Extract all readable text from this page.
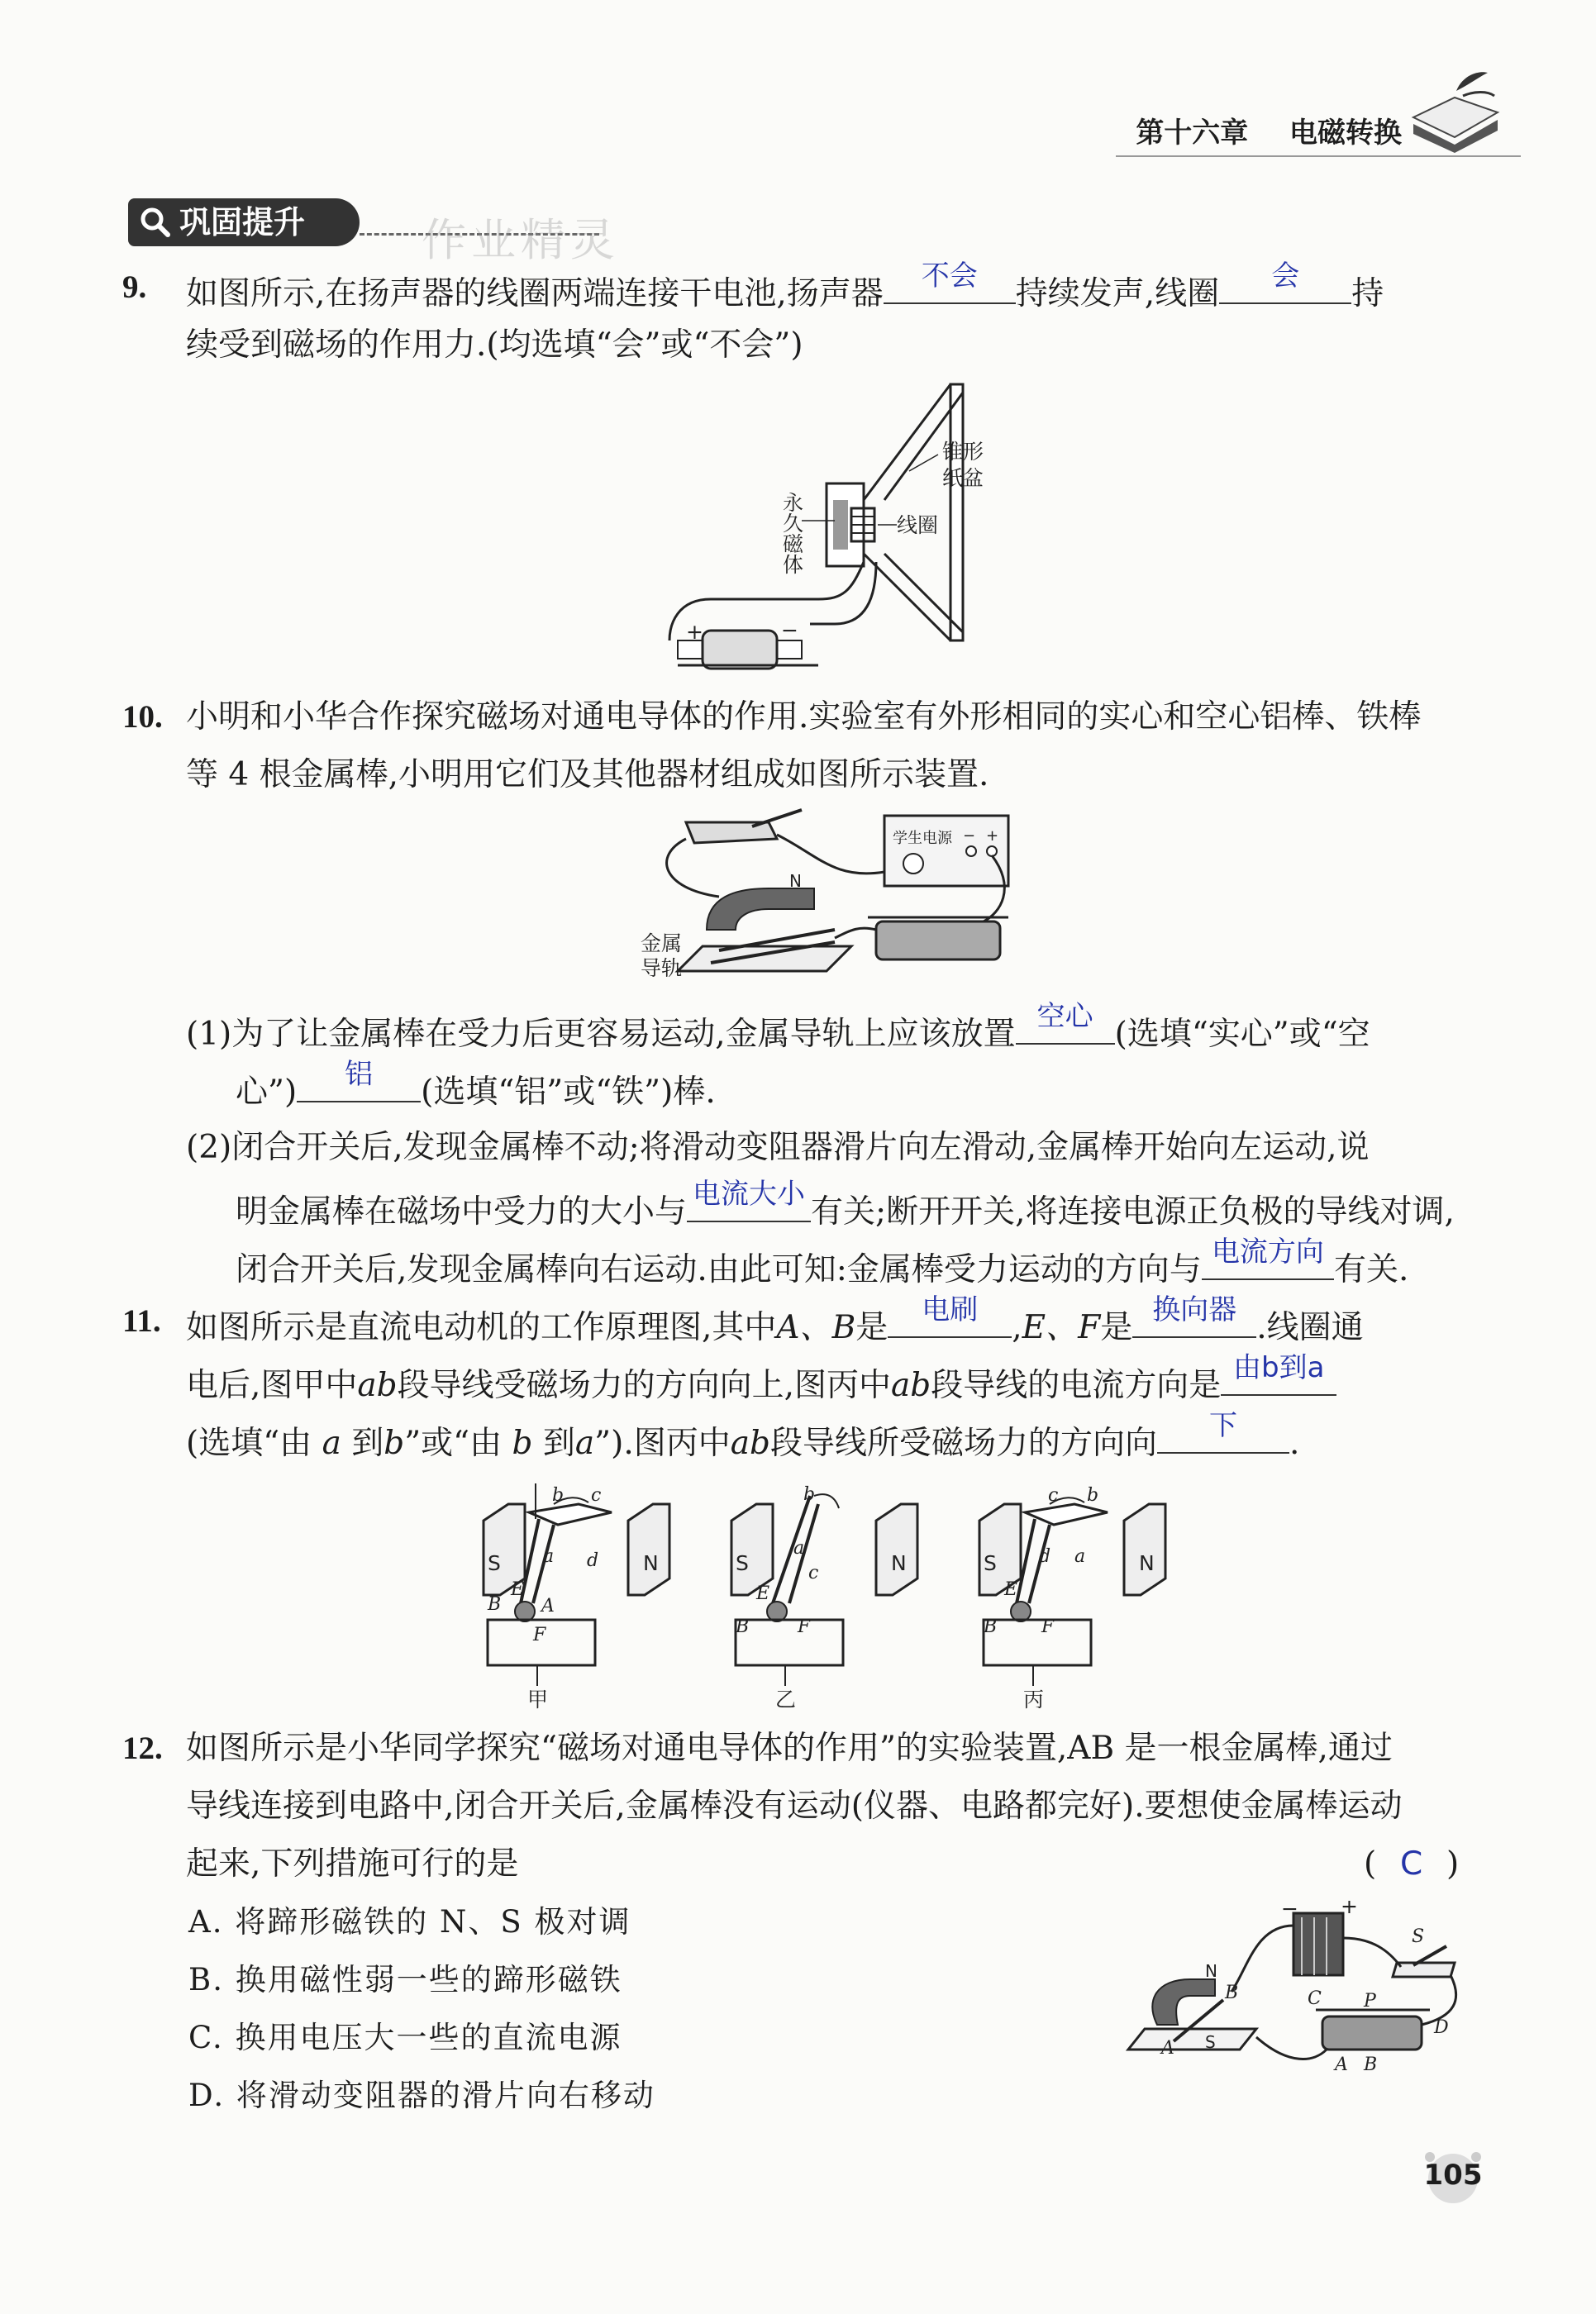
第十六章 电磁转换
巩固提升	作业精灵
9. 如图所示,在扬声器的线圈两端连接干电池,扬声器	不会	持续发声,线圈	会	持
续受到磁场的作用力.(均选填“会”或“不会”)
+	−
锥形
纸盆
线圈
永久磁体
10. 小明和小华合作探究磁场对通电导体的作用.实验室有外形相同的实心和空心铝棒、铁棒
等 4 根金属棒,小明用它们及其他器材组成如图所示装置.
学生电源 − +
N
金属
导轨
(1)为了让金属棒在受力后更容易运动,金属导轨上应该放置 空心 (选填“实心”或“空
心”)	铝	(选填“铝”或“铁”)棒.
(2)闭合开关后,发现金属棒不动;将滑动变阻器滑片向左滑动,金属棒开始向左运动,说
明金属棒在磁场中受力的大小与 电流大小 有关;断开开关,将连接电源正负极的导线对调,
闭合开关后,发现金属棒向右运动.由此可知:金属棒受力运动的方向与 电流方向 有关.
11. 如图所示是直流电动机的工作原理图,其中A、B是	电刷	,E、F是 换向器 .线圈通
电后,图甲中ab段导线受磁场力的方向向上,图丙中ab段导线的电流方向是 由b到a
(选填“由 a 到b”或“由 b 到a”).图丙中ab段导线所受磁场力的方向向	下	.
S	N
b c
a d
E
A
B
F
甲
S	N
b
a
c
E
B	F
乙
S	N
c b
d a
E
B F
丙
12. 如图所示是小华同学探究“磁场对通电导体的作用”的实验装置,AB 是一根金属棒,通过
导线连接到电路中,闭合开关后,金属棒没有运动(仪器、电路都完好).要想使金属棒运动
起来,下列措施可行的是	( C )
A. 将蹄形磁铁的 N、S 极对调
B. 换用磁性弱一些的蹄形磁铁
C. 换用电压大一些的直流电源
D. 将滑动变阻器的滑片向右移动
− +
S
N
S
B
A
C P
D
A B
105
